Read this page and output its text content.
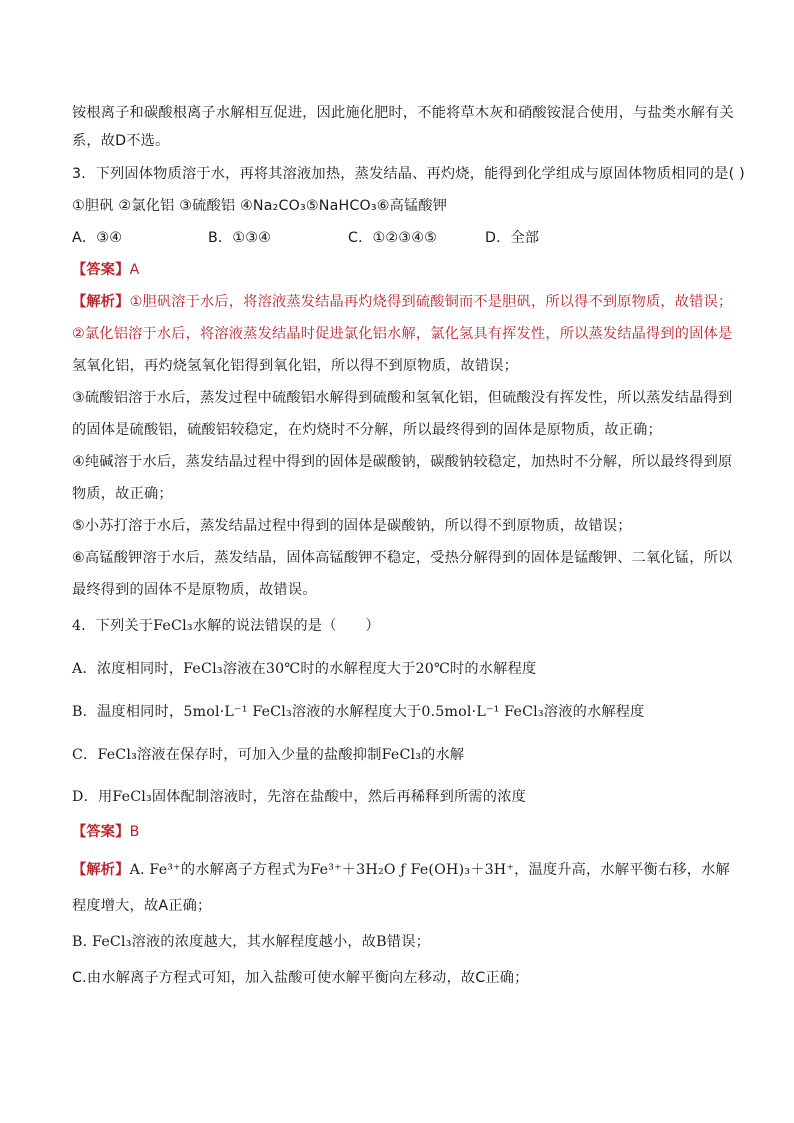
铵根离子和碳酸根离子水解相互促进，因此施化肥时，不能将草木灰和硝酸铵混合使用，与盐类水解有关
系，故D不选。
3．下列固体物质溶于水，再将其溶液加热，蒸发结晶、再灼烧，能得到化学组成与原固体物质相同的是( )
①胆矾 ②氯化铝 ③硫酸铝 ④Na₂CO₃⑤NaHCO₃⑥高锰酸钾
A．③④	B．①③④	C．①②③④⑤	D．全部
【答案】A
【解析】①胆矾溶于水后，将溶液蒸发结晶再灼烧得到硫酸铜而不是胆矾，所以得不到原物质，故错误；
②氯化铝溶于水后，将溶液蒸发结晶时促进氯化铝水解，氯化氢具有挥发性，所以蒸发结晶得到的固体是
氢氧化铝，再灼烧氢氧化铝得到氧化铝，所以得不到原物质，故错误；
③硫酸铝溶于水后，蒸发过程中硫酸铝水解得到硫酸和氢氧化铝，但硫酸没有挥发性，所以蒸发结晶得到
的固体是硫酸铝，硫酸铝较稳定，在灼烧时不分解，所以最终得到的固体是原物质，故正确；
④纯碱溶于水后，蒸发结晶过程中得到的固体是碳酸钠，碳酸钠较稳定，加热时不分解，所以最终得到原
物质，故正确；
⑤小苏打溶于水后，蒸发结晶过程中得到的固体是碳酸钠，所以得不到原物质，故错误；
⑥高锰酸钾溶于水后，蒸发结晶，固体高锰酸钾不稳定，受热分解得到的固体是锰酸钾、二氧化锰，所以
最终得到的固体不是原物质，故错误。
4．下列关于FeCl₃水解的说法错误的是（　　）
A．浓度相同时，FeCl₃溶液在30℃时的水解程度大于20℃时的水解程度
B．温度相同时，5mol·L⁻¹ FeCl₃溶液的水解程度大于0.5mol·L⁻¹ FeCl₃溶液的水解程度
C．FeCl₃溶液在保存时，可加入少量的盐酸抑制FeCl₃的水解
D．用FeCl₃固体配制溶液时，先溶在盐酸中，然后再稀释到所需的浓度
【答案】B
【解析】A. Fe³⁺的水解离子方程式为Fe³⁺＋3H₂O ƒ Fe(OH)₃＋3H⁺，温度升高，水解平衡右移，水解
程度增大，故A正确；
B. FeCl₃溶液的浓度越大，其水解程度越小，故B错误；
C.由水解离子方程式可知，加入盐酸可使水解平衡向左移动，故C正确；
